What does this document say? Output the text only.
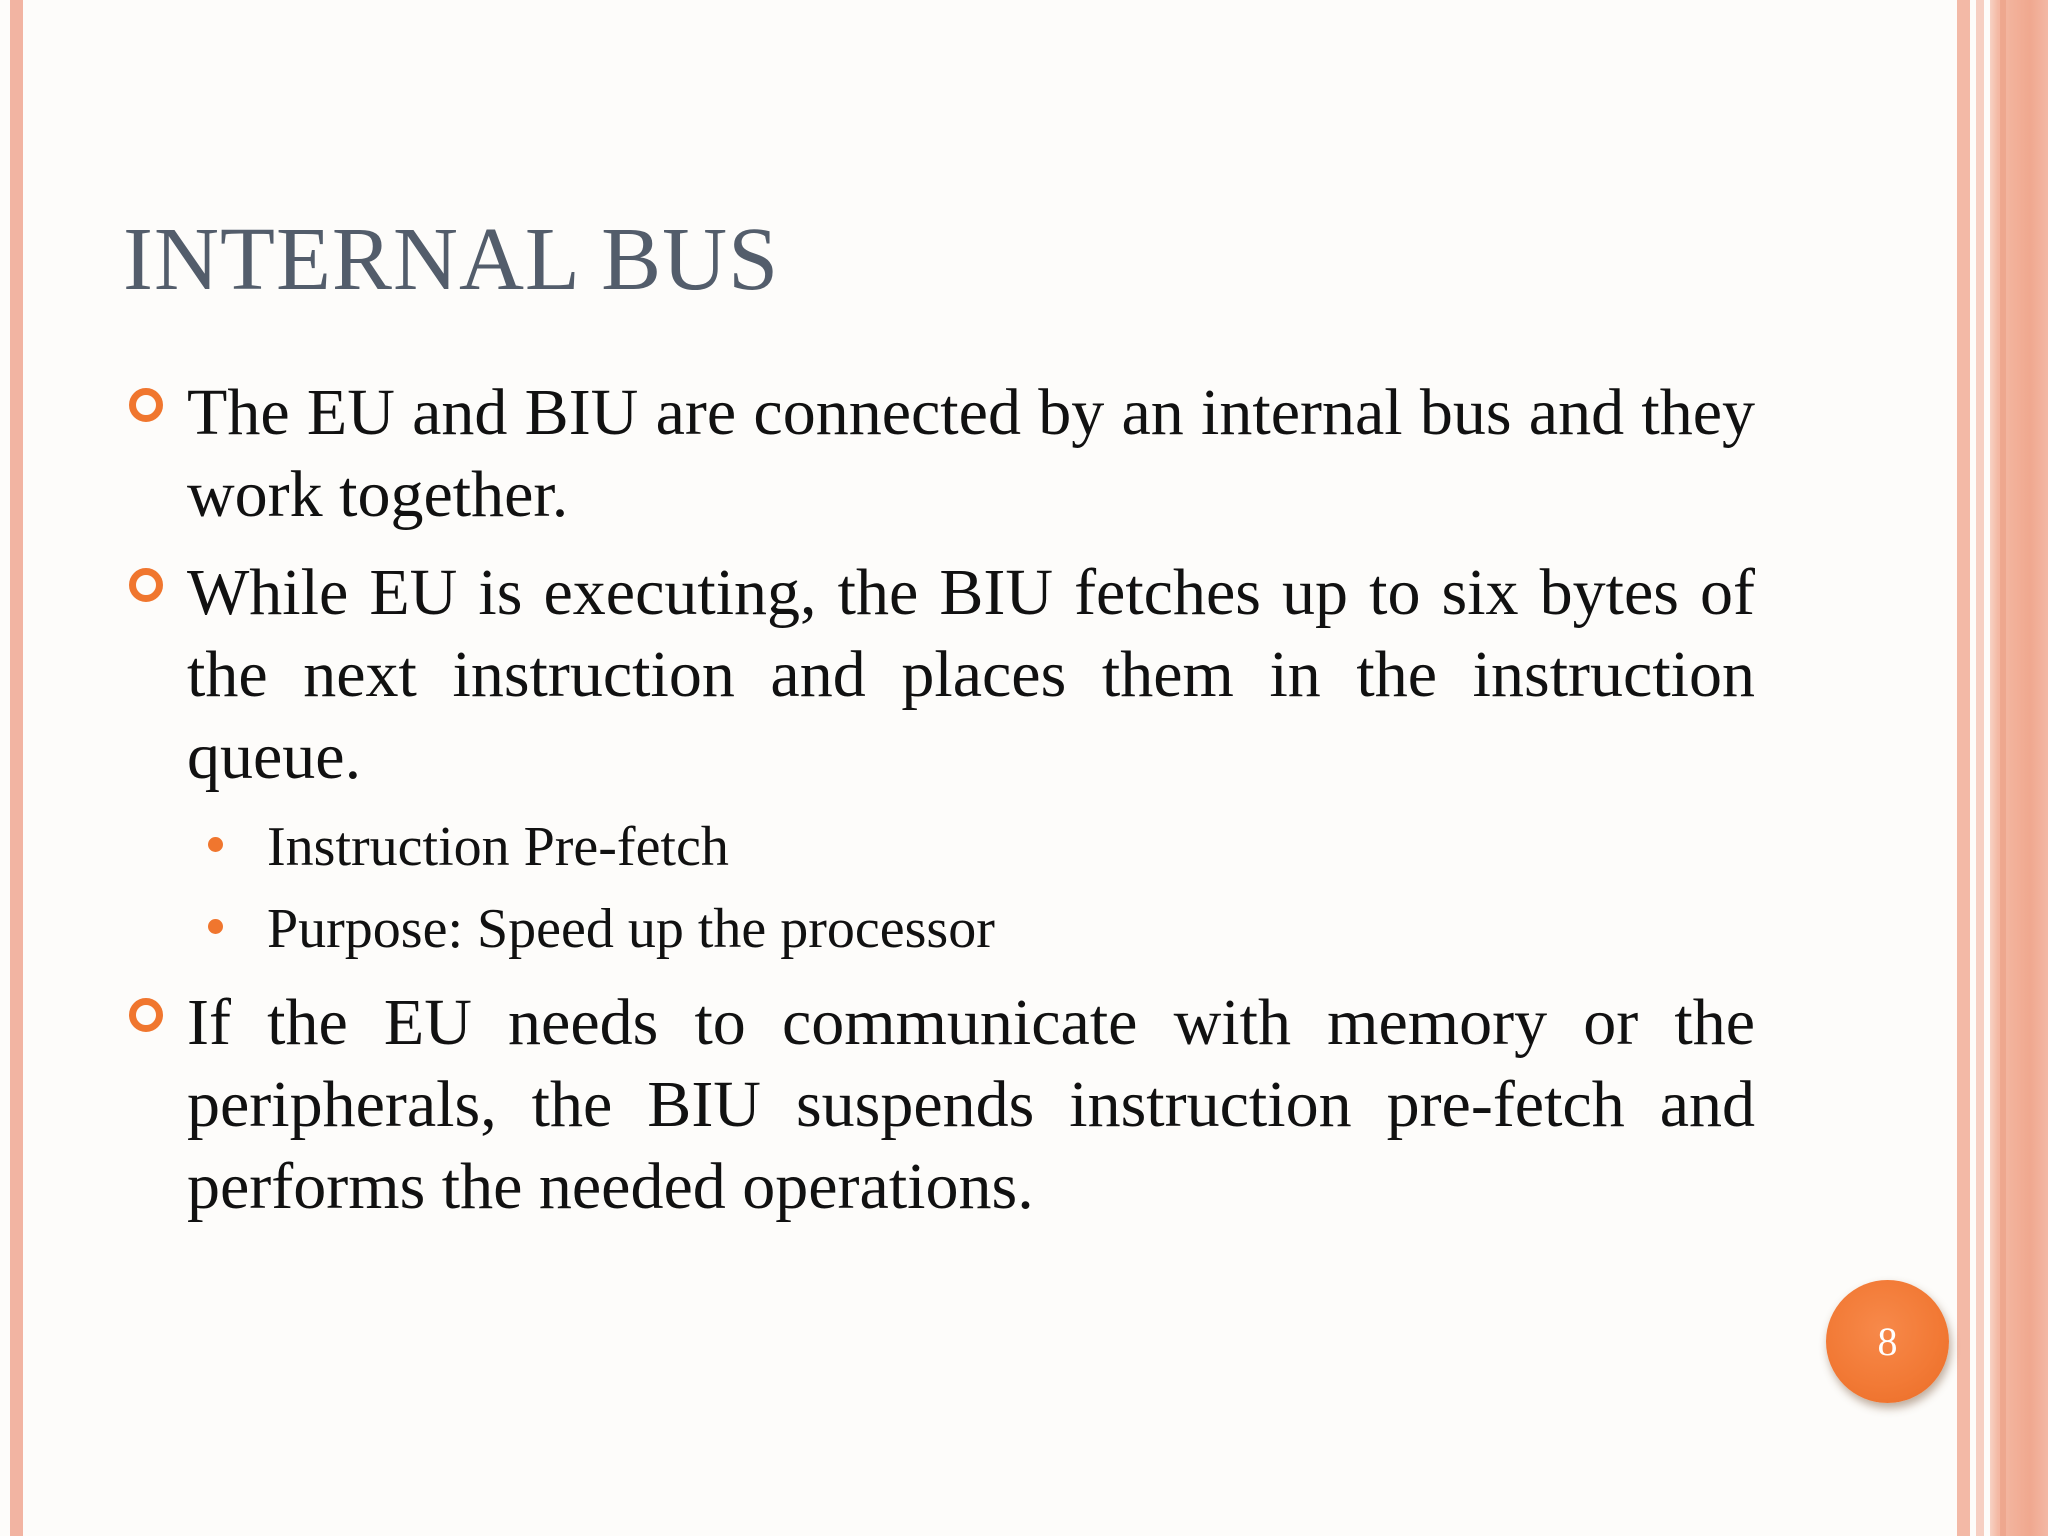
INTERNAL BUS
The EU and BIU are connected by an internal bus and they work together.
While EU is executing, the BIU fetches up to six bytes of the next instruction and places them in the instruction queue.
Instruction Pre-fetch
Purpose: Speed up the processor
If the EU needs to communicate with memory or the peripherals, the BIU suspends instruction pre-fetch and performs the needed operations.
8
